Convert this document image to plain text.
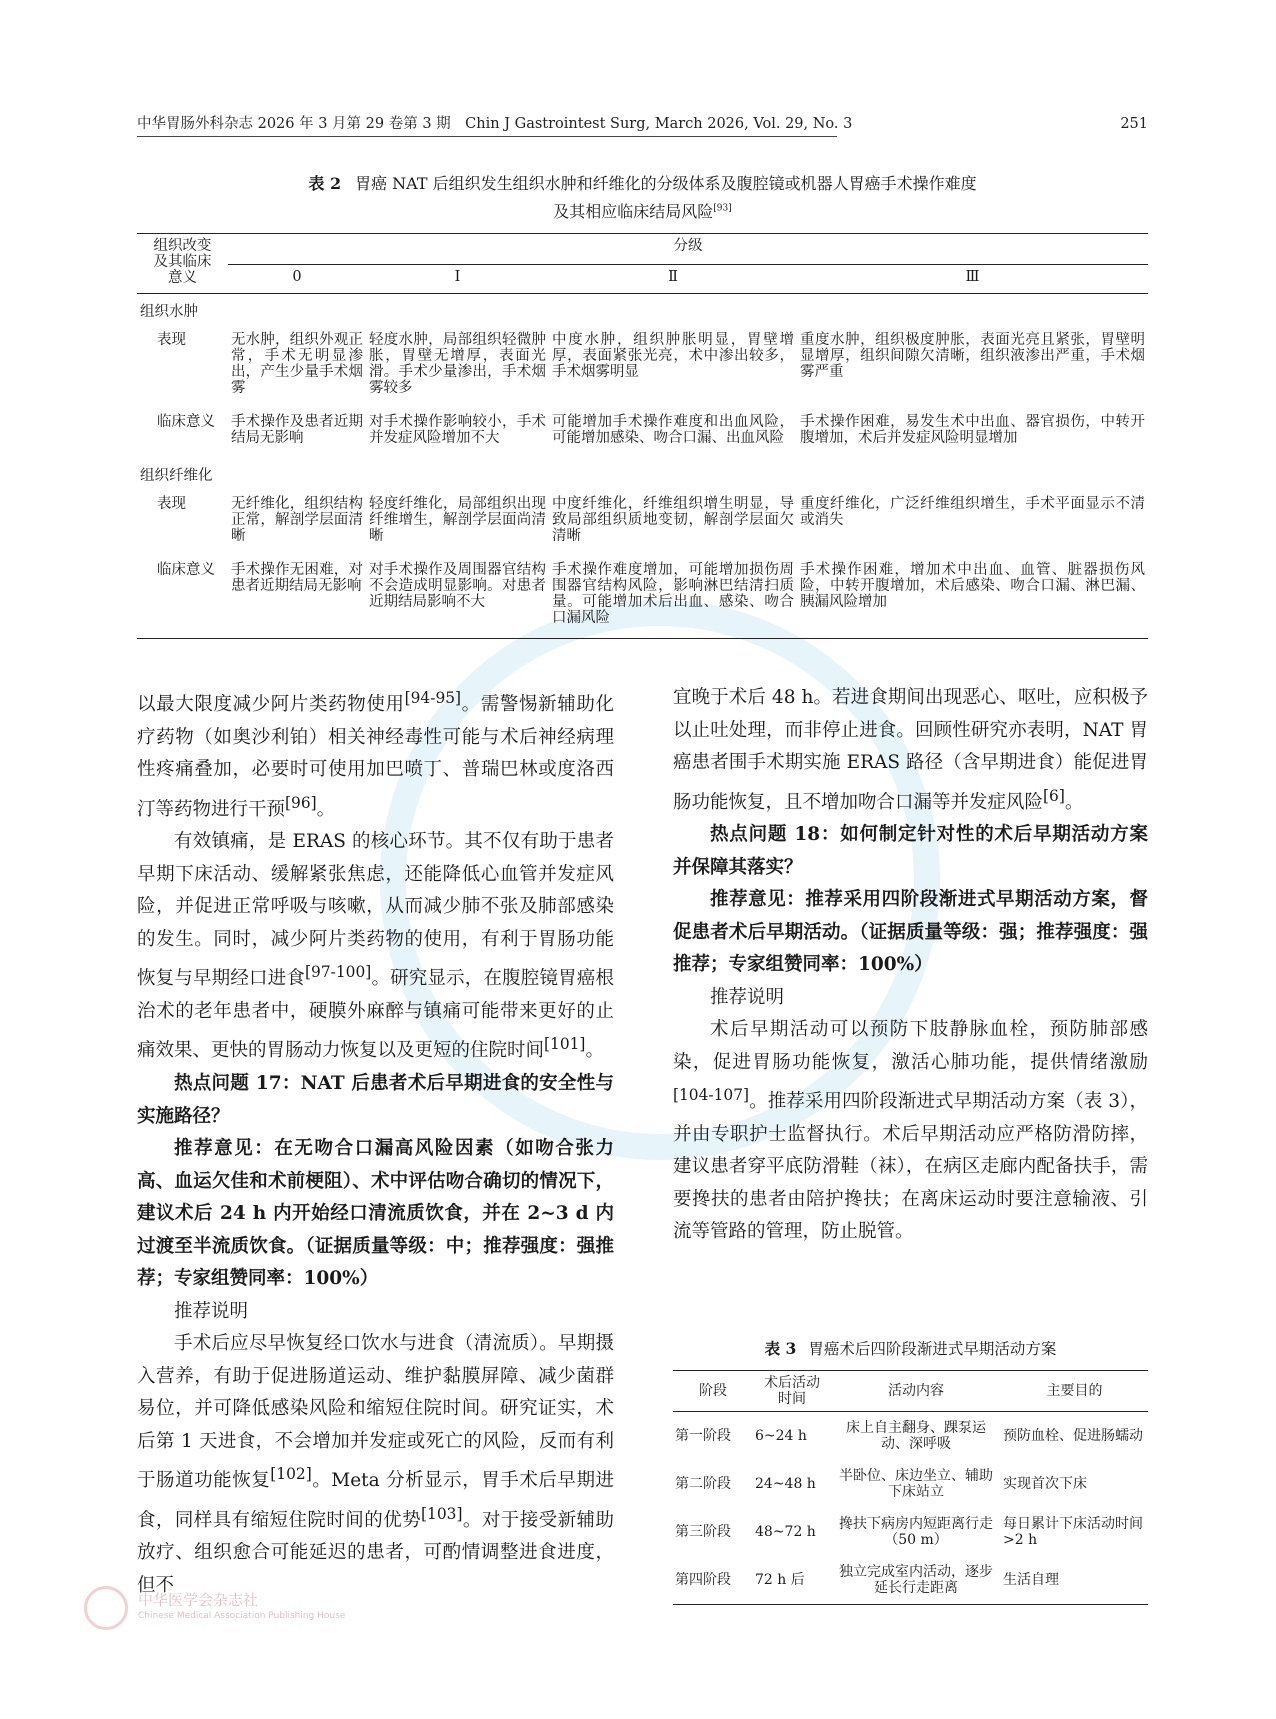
中华胃肠外科杂志 2026 年 3 月第 29 卷第 3 期　Chin J Gastrointest Surg, March 2026, Vol. 29, No. 3	251
表 2 胃癌 NAT 后组织发生组织水肿和纤维化的分级体系及腹腔镜或机器人胃癌手术操作难度
及其相应临床结局风险[93]
组织改变
及其临床
意义	分级			
	0	Ⅰ	Ⅱ	Ⅲ
组织水肿				
表现	无水肿，组织外观正常，手术无明显渗出，产生少量手术烟雾	轻度水肿，局部组织轻微肿胀，胃壁无增厚，表面光滑。手术少量渗出，手术烟雾较多	中度水肿，组织肿胀明显，胃壁增厚，表面紧张光亮，术中渗出较多，手术烟雾明显	重度水肿，组织极度肿胀，表面光亮且紧张，胃壁明显增厚，组织间隙欠清晰，组织液渗出严重，手术烟雾严重
临床意义	手术操作及患者近期结局无影响	对手术操作影响较小，手术并发症风险增加不大	可能增加手术操作难度和出血风险，可能增加感染、吻合口漏、出血风险	手术操作困难，易发生术中出血、器官损伤，中转开腹增加，术后并发症风险明显增加
组织纤维化				
表现	无纤维化，组织结构正常，解剖学层面清晰	轻度纤维化，局部组织出现纤维增生，解剖学层面尚清晰	中度纤维化，纤维组织增生明显，导致局部组织质地变韧，解剖学层面欠清晰	重度纤维化，广泛纤维组织增生，手术平面显示不清或消失
临床意义	手术操作无困难，对患者近期结局无影响	对手术操作及周围器官结构不会造成明显影响。对患者近期结局影响不大	手术操作难度增加，可能增加损伤周围器官结构风险，影响淋巴结清扫质量。可能增加术后出血、感染、吻合口漏风险	手术操作困难，增加术中出血、血管、脏器损伤风险，中转开腹增加，术后感染、吻合口漏、淋巴漏、胰漏风险增加

以最大限度减少阿片类药物使用[94-95]。需警惕新辅助化疗药物（如奥沙利铂）相关神经毒性可能与术后神经病理性疼痛叠加，必要时可使用加巴喷丁、普瑞巴林或度洛西汀等药物进行干预[96]。

有效镇痛，是 ERAS 的核心环节。其不仅有助于患者早期下床活动、缓解紧张焦虑，还能降低心血管并发症风险，并促进正常呼吸与咳嗽，从而减少肺不张及肺部感染的发生。同时，减少阿片类药物的使用，有利于胃肠功能恢复与早期经口进食[97-100]。研究显示，在腹腔镜胃癌根治术的老年患者中，硬膜外麻醉与镇痛可能带来更好的止痛效果、更快的胃肠动力恢复以及更短的住院时间[101]。

热点问题 17：NAT 后患者术后早期进食的安全性与实施路径？

推荐意见：在无吻合口漏高风险因素（如吻合张力高、血运欠佳和术前梗阻）、术中评估吻合确切的情况下，建议术后 24 h 内开始经口清流质饮食，并在 2~3 d 内过渡至半流质饮食。（证据质量等级：中；推荐强度：强推荐；专家组赞同率：100%）

推荐说明

手术后应尽早恢复经口饮水与进食（清流质）。早期摄入营养，有助于促进肠道运动、维护黏膜屏障、减少菌群易位，并可降低感染风险和缩短住院时间。研究证实，术后第 1 天进食，不会增加并发症或死亡的风险，反而有利于肠道功能恢复[102]。Meta 分析显示，胃手术后早期进食，同样具有缩短住院时间的优势[103]。对于接受新辅助放疗、组织愈合可能延迟的患者，可酌情调整进食进度，但不

宜晚于术后 48 h。若进食期间出现恶心、呕吐，应积极予以止吐处理，而非停止进食。回顾性研究亦表明，NAT 胃癌患者围手术期实施 ERAS 路径（含早期进食）能促进胃肠功能恢复，且不增加吻合口漏等并发症风险[6]。

热点问题 18：如何制定针对性的术后早期活动方案并保障其落实？

推荐意见：推荐采用四阶段渐进式早期活动方案，督促患者术后早期活动。（证据质量等级：强；推荐强度：强推荐；专家组赞同率：100%）

推荐说明

术后早期活动可以预防下肢静脉血栓，预防肺部感染，促进胃肠功能恢复，激活心肺功能，提供情绪激励[104-107]。推荐采用四阶段渐进式早期活动方案（表 3），并由专职护士监督执行。术后早期活动应严格防滑防摔，建议患者穿平底防滑鞋（袜），在病区走廊内配备扶手，需要搀扶的患者由陪护搀扶；在离床运动时要注意输液、引流等管路的管理，防止脱管。

表 3 胃癌术后四阶段渐进式早期活动方案
阶段	术后活动
时间	活动内容	主要目的
第一阶段	6~24 h	床上自主翻身、踝泵运动、深呼吸	预防血栓、促进肠蠕动
第二阶段	24~48 h	半卧位、床边坐立、辅助下床站立	实现首次下床
第三阶段	48~72 h	搀扶下病房内短距离行走（50 m）	每日累计下床活动时间>2 h
第四阶段	72 h 后	独立完成室内活动，逐步延长行走距离	生活自理
中华医学会杂志社
Chinese Medical Association Publishing House
